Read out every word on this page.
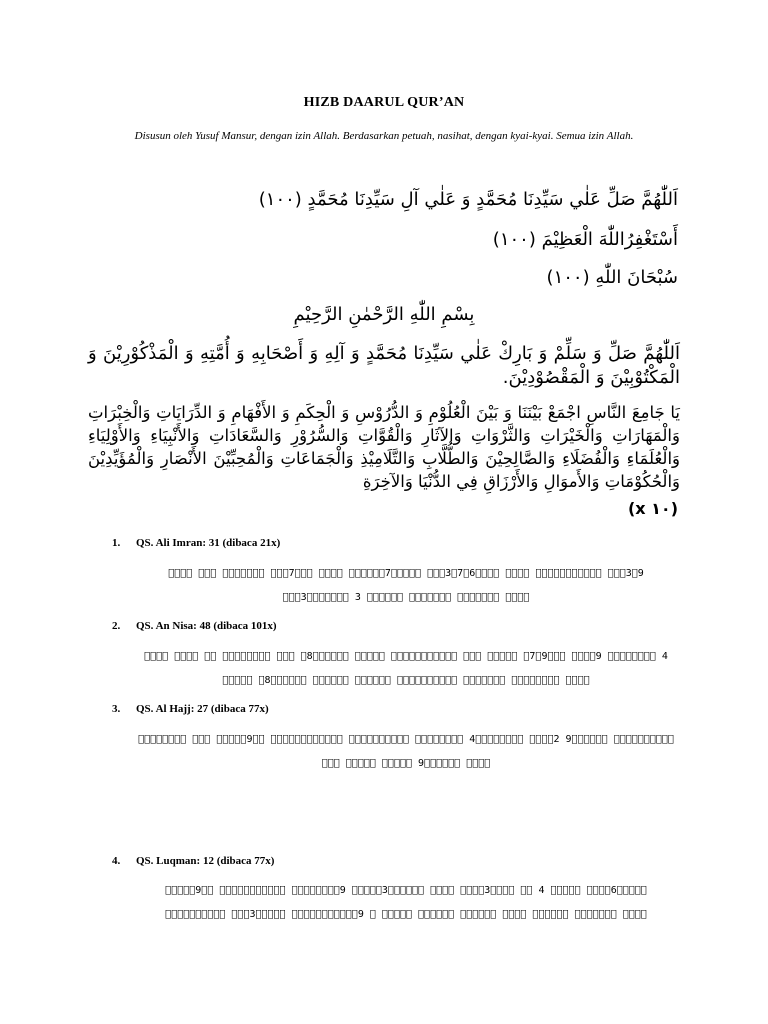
HIZB DAARUL QUR’AN
Disusun oleh Yusuf Mansur, dengan izin Allah. Berdasarkan petuah, nasihat, dengan kyai-kyai. Semua izin Allah.
اَللّٰهُمَّ صَلِّ عَلٰي سَيِّدِنَا مُحَمَّدٍ وَ عَلٰي آلِ سَيِّدِنَا مُحَمَّدٍ (١٠٠)
أَسْتَغْفِرُاللّٰهَ الْعَظِيْمَ (١٠٠)
سُبْحَانَ اللّٰهِ (١٠٠)
بِسْمِ اللّٰهِ الرَّحْمٰنِ الرَّحِيْمِ
اَللّٰهُمَّ صَلِّ وَ سَلِّمْ وَ بَارِكْ عَلٰي سَيِّدِنَا مُحَمَّدٍ وَ آلِهِ وَ أَصْحَابِهِ وَ أُمَّتِهِ وَ الْمَذْكُوْرِيْنَ وَ الْمَكْتُوْبِيْنَ وَ الْمَقْصُوْدِيْنَ.
يَا جَامِعَ النَّاسِ اجْمَعْ بَيْنَنَا وَ بَيْنَ الْعُلُوْمِ وَ الدُّرُوْسِ وَ الْحِكَمِ وَ الأَفْهَامِ وَ الدِّرَايَاتِ وَالْخِبْرَاتِ وَالْمَهَارَاتِ وَالْخَيْرَاتِ وَالثَّرْوَاتِ وَالآثَارِ وَالْقُوَّاتِ وَالسُّرُوْرِ وَالسَّعَادَاتِ وَالأَنْبِيَاءِ وَالأَوْلِيَاءِ وَالْعُلَمَاءِ وَالْفُضَلَاءِ وَالصَّالِحِيْنَ وَالطُّلَّابِ وَالتَّلَامِيْذِ وَالْجَمَاعَاتِ وَالْمُحِبِّيْنَ الأَنْصَارِ وَالْمُؤَيِّدِيْنَ وَالْحُكُوْمَاتِ وَالأَموَالِ وَالأَرْزَاقِ فِي الدُّنْيَا وَالآخِرَةِ
(١٠ x)
1. QS. Ali Imran: 31 (dibaca 21x)
󰀀󰀀󰀀󰀀 󰀀󰀀󰀀 󰀀󰀀󰀀󰀀󰀀󰀀󰀀 󰀀󰀀󰀀7󰀀󰀀󰀀 󰀀󰀀󰀀󰀀 󰀀󰀀󰀀󰀀󰀀󰀀7󰀀󰀀󰀀󰀀󰀀 󰀀󰀀󰀀3󰀀7󰀀6󰀀󰀀󰀀󰀀 󰀀󰀀󰀀󰀀 󰀀󰀀󰀀󰀀󰀀󰀀󰀀󰀀󰀀󰀀󰀀 󰀀󰀀󰀀3󰀀9 󰀀󰀀󰀀3󰀀󰀀󰀀󰀀󰀀󰀀󰀀 3 󰀀󰀀󰀀󰀀󰀀󰀀 󰀀󰀀󰀀󰀀󰀀󰀀󰀀 󰀀󰀀󰀀󰀀󰀀󰀀󰀀 󰀀󰀀󰀀󰀀
2. QS. An Nisa: 48 (dibaca 101x)
󰀀󰀀󰀀󰀀 󰀀󰀀󰀀󰀀 󰀀󰀀 󰀀󰀀󰀀󰀀󰀀󰀀󰀀󰀀 󰀀󰀀󰀀 󰀀8󰀀󰀀󰀀󰀀󰀀󰀀 󰀀󰀀󰀀󰀀󰀀 󰀀󰀀󰀀󰀀󰀀󰀀󰀀󰀀󰀀󰀀󰀀 󰀀󰀀󰀀 󰀀󰀀󰀀󰀀󰀀 󰀀7󰀀9󰀀󰀀󰀀 󰀀󰀀󰀀󰀀9 󰀀󰀀󰀀󰀀󰀀󰀀󰀀󰀀 4 󰀀󰀀󰀀󰀀󰀀 󰀀8󰀀󰀀󰀀󰀀󰀀󰀀 󰀀󰀀󰀀󰀀󰀀󰀀 󰀀󰀀󰀀󰀀󰀀󰀀 󰀀󰀀󰀀󰀀󰀀󰀀󰀀󰀀󰀀󰀀 󰀀󰀀󰀀󰀀󰀀󰀀󰀀 󰀀󰀀󰀀󰀀󰀀󰀀󰀀󰀀 󰀀󰀀󰀀󰀀
3. QS. Al Hajj: 27 (dibaca 77x)
󰀀󰀀󰀀󰀀󰀀󰀀󰀀󰀀 󰀀󰀀󰀀 󰀀󰀀󰀀󰀀󰀀9󰀀󰀀 󰀀󰀀󰀀󰀀󰀀󰀀󰀀󰀀󰀀󰀀󰀀󰀀 󰀀󰀀󰀀󰀀󰀀󰀀󰀀󰀀󰀀󰀀 󰀀󰀀󰀀󰀀󰀀󰀀󰀀󰀀 4󰀀󰀀󰀀󰀀󰀀󰀀󰀀󰀀 󰀀󰀀󰀀󰀀2 9󰀀󰀀󰀀󰀀󰀀󰀀 󰀀󰀀󰀀󰀀󰀀󰀀󰀀󰀀󰀀󰀀 󰀀󰀀󰀀 󰀀󰀀󰀀󰀀󰀀 󰀀󰀀󰀀󰀀󰀀 9󰀀󰀀󰀀󰀀󰀀󰀀 󰀀󰀀󰀀󰀀
4. QS. Luqman: 12 (dibaca 77x)
󰀀󰀀󰀀󰀀󰀀9󰀀󰀀 󰀀󰀀󰀀󰀀󰀀󰀀󰀀󰀀󰀀󰀀󰀀 󰀀󰀀󰀀󰀀󰀀󰀀󰀀󰀀9 󰀀󰀀󰀀󰀀󰀀3󰀀󰀀󰀀󰀀󰀀󰀀 󰀀󰀀󰀀󰀀 󰀀󰀀󰀀󰀀3󰀀󰀀󰀀󰀀 󰀀󰀀 4 󰀀󰀀󰀀󰀀󰀀 󰀀󰀀󰀀󰀀6󰀀󰀀󰀀󰀀󰀀 󰀀󰀀󰀀󰀀󰀀󰀀󰀀󰀀󰀀󰀀 󰀀󰀀󰀀3󰀀󰀀󰀀󰀀󰀀 󰀀󰀀󰀀󰀀󰀀󰀀󰀀󰀀󰀀󰀀󰀀9 󰀀 󰀀󰀀󰀀󰀀󰀀 󰀀󰀀󰀀󰀀󰀀󰀀 󰀀󰀀󰀀󰀀󰀀󰀀 󰀀󰀀󰀀󰀀 󰀀󰀀󰀀󰀀󰀀󰀀 󰀀󰀀󰀀󰀀󰀀󰀀󰀀 󰀀󰀀󰀀󰀀
